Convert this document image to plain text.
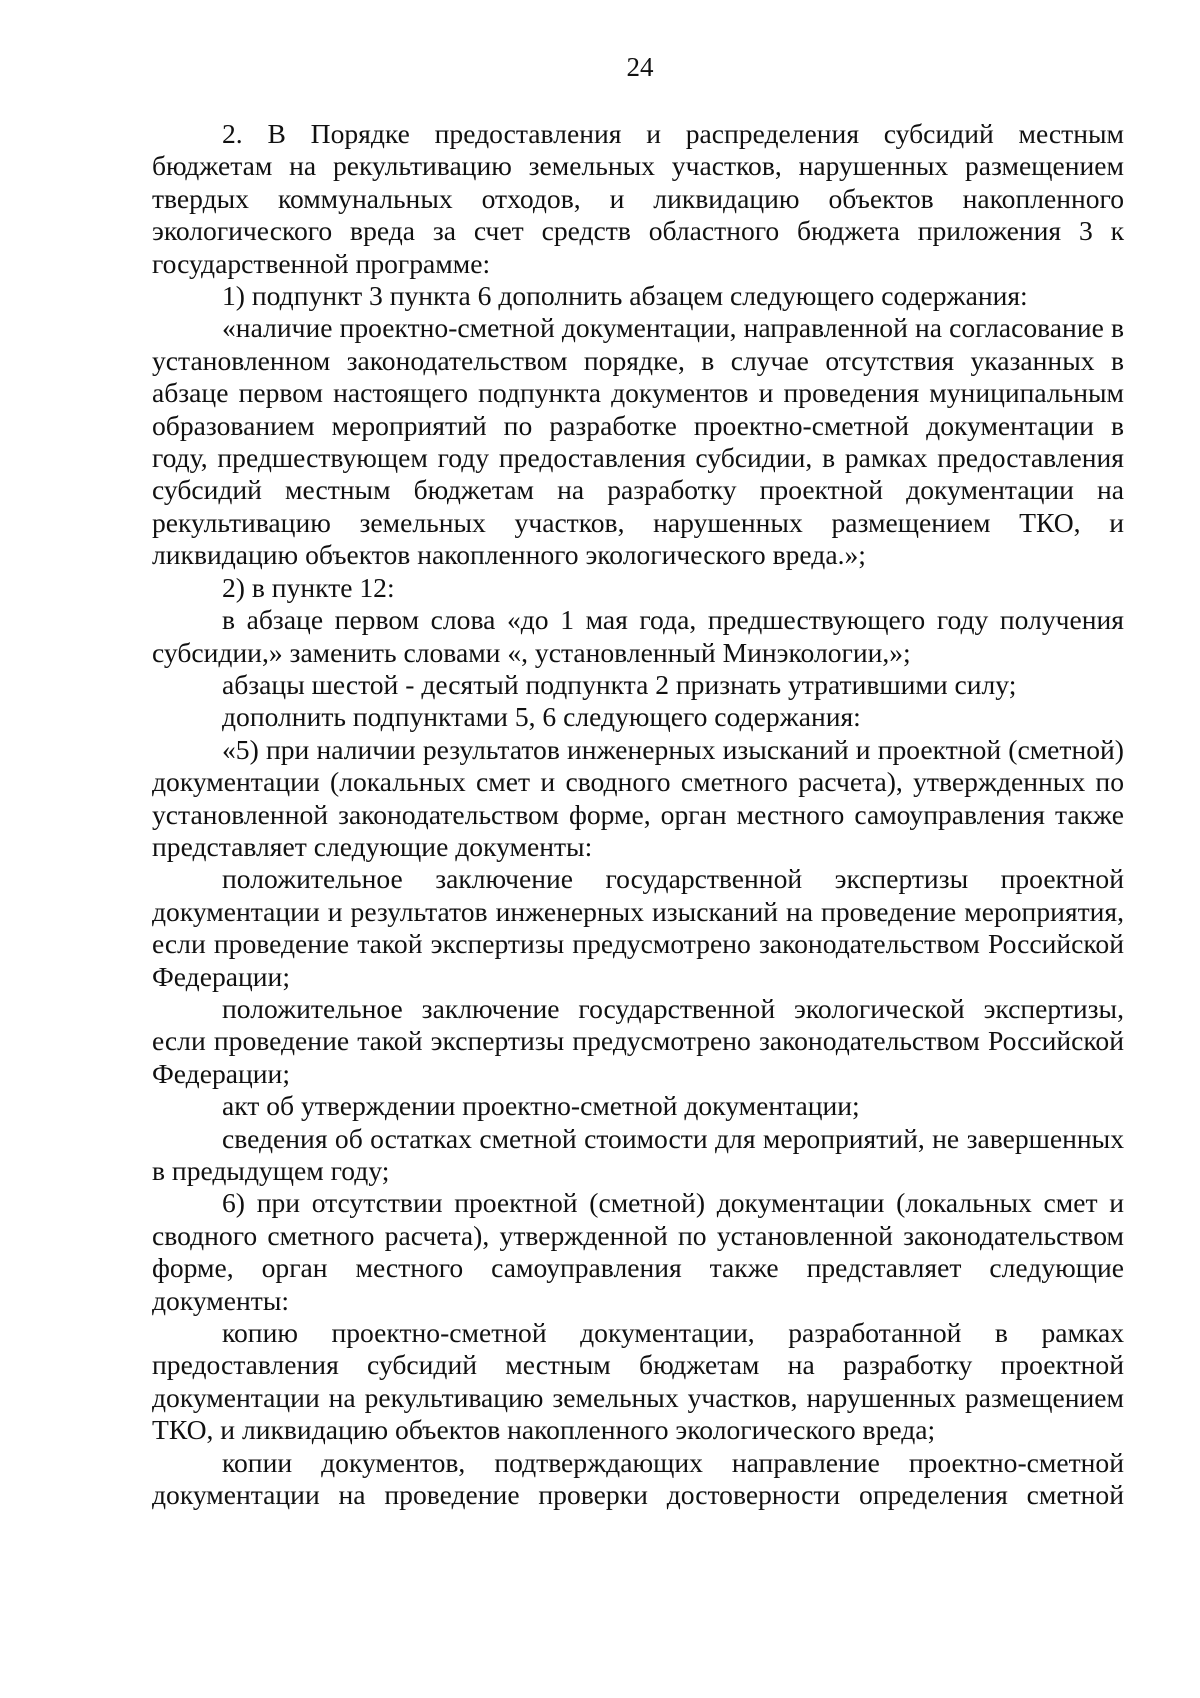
24

2. В Порядке предоставления и распределения субсидий местным бюджетам на рекультивацию земельных участков, нарушенных размещением твердых коммунальных отходов, и ликвидацию объектов накопленного экологического вреда за счет средств областного бюджета приложения 3 к государственной программе:

1) подпункт 3 пункта 6 дополнить абзацем следующего содержания:

«наличие проектно-сметной документации, направленной на согласование в установленном законодательством порядке, в случае отсутствия указанных в абзаце первом настоящего подпункта документов и проведения муниципальным образованием мероприятий по разработке проектно-сметной документации в году, предшествующем году предоставления субсидии, в рамках предоставления субсидий местным бюджетам на разработку проектной документации на рекультивацию земельных участков, нарушенных размещением ТКО, и ликвидацию объектов накопленного экологического вреда.»;

2) в пункте 12:

в абзаце первом слова «до 1 мая года, предшествующего году получения субсидии,» заменить словами «, установленный Минэкологии,»;

абзацы шестой - десятый подпункта 2 признать утратившими силу;

дополнить подпунктами 5, 6 следующего содержания:

«5) при наличии результатов инженерных изысканий и проектной (сметной) документации (локальных смет и сводного сметного расчета), утвержденных по установленной законодательством форме, орган местного самоуправления также представляет следующие документы:

положительное заключение государственной экспертизы проектной документации и результатов инженерных изысканий на проведение мероприятия, если проведение такой экспертизы предусмотрено законодательством Российской Федерации;

положительное заключение государственной экологической экспертизы, если проведение такой экспертизы предусмотрено законодательством Российской Федерации;

акт об утверждении проектно-сметной документации;

сведения об остатках сметной стоимости для мероприятий, не завершенных в предыдущем году;

6) при отсутствии проектной (сметной) документации (локальных смет и сводного сметного расчета), утвержденной по установленной законодательством форме, орган местного самоуправления также представляет следующие документы:

копию проектно-сметной документации, разработанной в рамках предоставления субсидий местным бюджетам на разработку проектной документации на рекультивацию земельных участков, нарушенных размещением ТКО, и ликвидацию объектов накопленного экологического вреда;

копии документов, подтверждающих направление проектно-сметной документации на проведение проверки достоверности определения сметной
